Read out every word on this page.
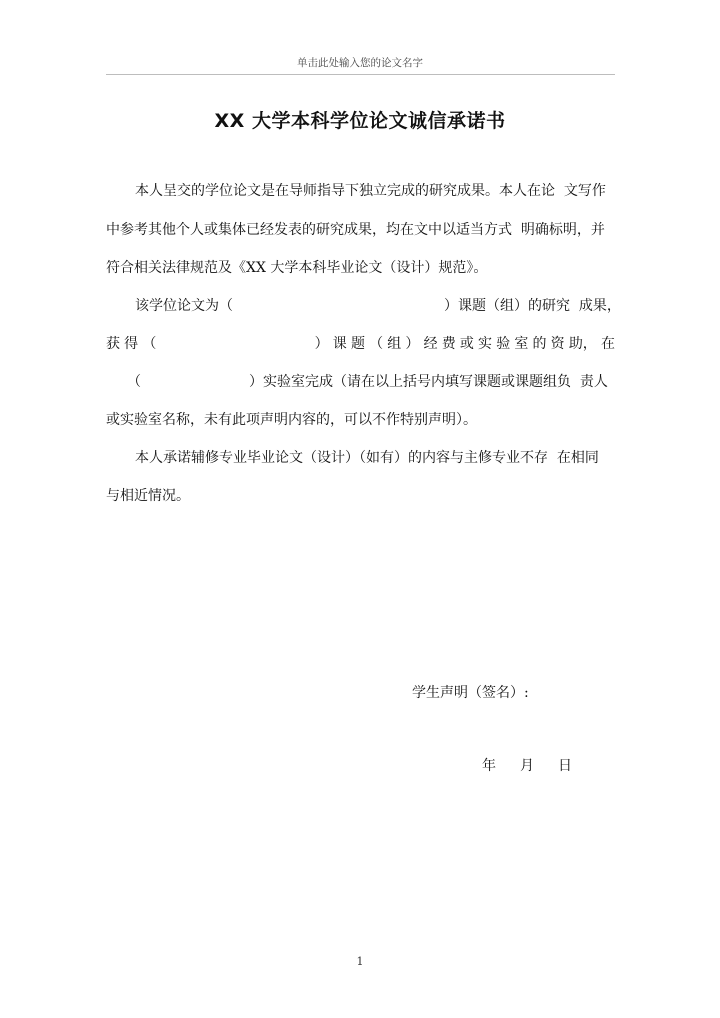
单击此处输入您的论文名字
XX 大学本科学位论文诚信承诺书
本人呈交的学位论文是在导师指导下独立完成的研究成果。本人在论  文写作
中参考其他个人或集体已经发表的研究成果，均在文中以适当方式  明确标明，并
符合相关法律规范及《XX 大学本科毕业论文（设计）规范》。
该学位论文为（	）课题（组）的研究  成果，
获 得 （	） 课 题 （ 组 ） 经 费 或 实 验 室 的 资 助， 在
（	）实验室完成（请在以上括号内填写课题或课题组负  责人
或实验室名称，未有此项声明内容的，可以不作特别声明）。
本人承诺辅修专业毕业论文（设计）（如有）的内容与主修专业不存  在相同
与相近情况。
学生声明（签名）:
年 月 日
1
